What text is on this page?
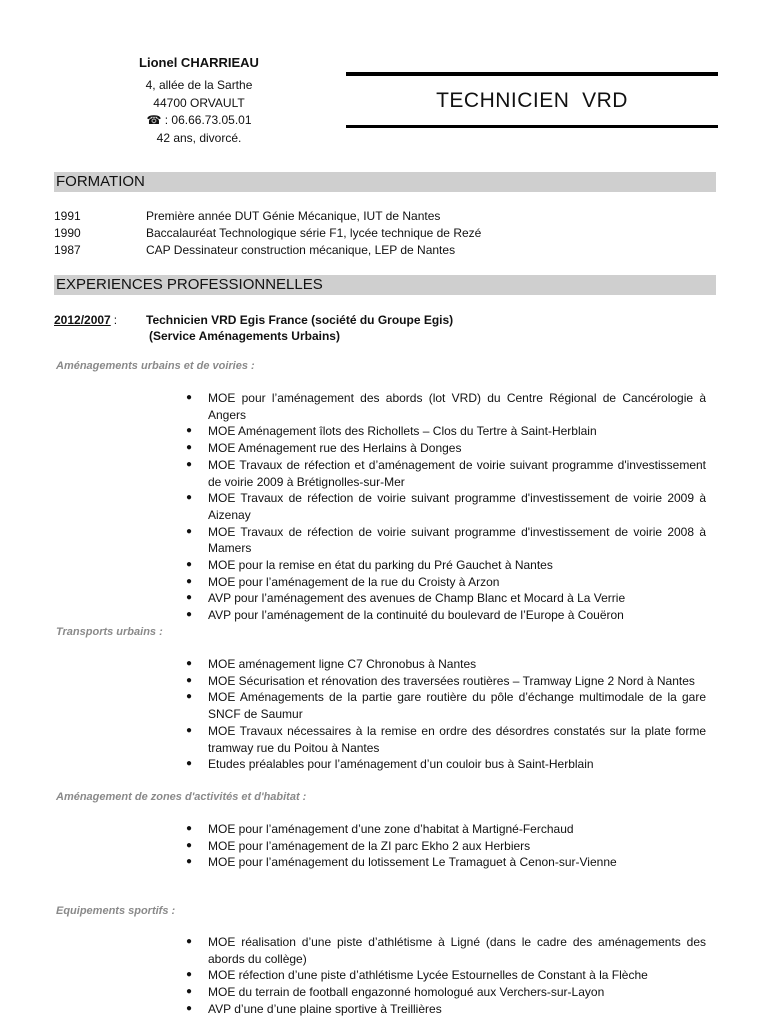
Lionel CHARRIEAU
4, allée de la Sarthe
44700 ORVAULT
☎ : 06.66.73.05.01
42 ans, divorcé.
TECHNICIEN  VRD
FORMATION
1991	Première année DUT Génie Mécanique, IUT de Nantes
1990	Baccalauréat Technologique série F1, lycée technique de Rezé
1987	CAP Dessinateur construction mécanique, LEP de Nantes
EXPERIENCES PROFESSIONNELLES
2012/2007 : Technicien VRD Egis France (société du Groupe Egis)
(Service Aménagements Urbains)
Aménagements urbains et de voiries :
● MOE pour l’aménagement des abords (lot VRD) du Centre Régional de Cancérologie à Angers
● MOE Aménagement îlots des Richollets – Clos du Tertre à Saint-Herblain
● MOE Aménagement rue des Herlains à Donges
● MOE Travaux de réfection et d’aménagement de voirie suivant programme d'investissement de voirie 2009 à Brétignolles-sur-Mer
● MOE Travaux de réfection de voirie suivant programme d'investissement de voirie 2009 à Aizenay
● MOE Travaux de réfection de voirie suivant programme d'investissement de voirie 2008 à Mamers
● MOE pour la remise en état du parking du Pré Gauchet à Nantes
● MOE pour l’aménagement de la rue du Croisty à Arzon
● AVP pour l’aménagement des avenues de Champ Blanc et Mocard à La Verrie
● AVP pour l’aménagement de la continuité du boulevard de l’Europe à Couëron
Transports urbains :
● MOE aménagement ligne C7 Chronobus à Nantes
● MOE Sécurisation et rénovation des traversées routières – Tramway Ligne 2 Nord à Nantes
● MOE Aménagements de la partie gare routière du pôle d’échange multimodale de la gare SNCF de Saumur
● MOE Travaux nécessaires à la remise en ordre des désordres constatés sur la plate forme tramway rue du Poitou à Nantes
● Etudes préalables pour l’aménagement d’un couloir bus à Saint-Herblain
Aménagement de zones d'activités et d'habitat :
● MOE pour l’aménagement d’une zone d’habitat à Martigné-Ferchaud
● MOE pour l’aménagement de la ZI parc Ekho 2 aux Herbiers
● MOE pour l’aménagement du lotissement Le Tramaguet à Cenon-sur-Vienne
Equipements sportifs :
● MOE réalisation d’une piste d’athlétisme à Ligné (dans le cadre des aménagements des abords du collège)
● MOE réfection d’une piste d’athlétisme Lycée Estournelles de Constant à la Flèche
● MOE du terrain de football engazonné homologué aux Verchers-sur-Layon
● AVP d’une d’une plaine sportive à Treillières
